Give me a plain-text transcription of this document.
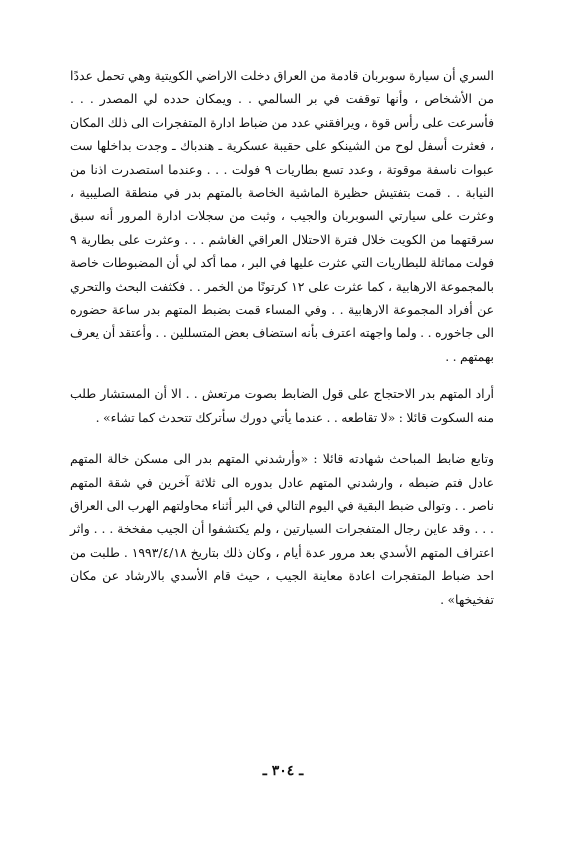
السري أن سيارة سوبربان قادمة من العراق دخلت الاراضي الكويتية وهي تحمل عددًا من الأشخاص ، وأنها توقفت في بر السالمي . . ويمكان حدده لي المصدر . . . فأسرعت على رأس قوة ، ويرافقني عدد من ضباط ادارة المتفجرات الى ذلك المكان ، فعثرت أسفل لوح من الشينكو على حقيبة عسكرية ـ هندباك ـ وجدت بداخلها ست عبوات ناسفة موقوتة ، وعدد تسع بطاريات ٩ فولت . . . وعندما استصدرت اذنا من النيابة . . قمت بتفتيش حظيرة الماشية الخاصة بالمتهم بدر في منطقة الصليبية ، وعثرت على سيارتي السوبربان والجيب ، وثبت من سجلات ادارة المرور أنه سبق سرقتهما من الكويت خلال فترة الاحتلال العراقي الغاشم . . . وعثرت على بطارية ٩ فولت مماثلة للبطاريات التي عثرت عليها في البر ، مما أكد لي أن المضبوطات خاصة بالمجموعة الارهابية ، كما عثرت على ١٢ كرتونًا من الخمر . . فكثفت البحث والتحري عن أفراد المجموعة الارهابية . . وفي المساء قمت بضبط المتهم بدر ساعة حضوره الى جاخوره . . ولما واجهته اعترف بأنه استضاف بعض المتسللين . . وأعتقد أن يعرف بهمتهم . .

أراد المتهم بدر الاحتجاج على قول الضابط بصوت مرتعش . . الا أن المستشار طلب منه السكوت قائلا : «لا تقاطعه . . عندما يأتي دورك سأتركك تتحدث كما تشاء» .

وتابع ضابط المباحث شهادته قائلا : «وأرشدني المتهم بدر الى مسكن خالة المتهم عادل فتم ضبطه ، وارشدني المتهم عادل بدوره الى ثلاثة آخرين في شقة المتهم ناصر . . وتوالى ضبط البقية في اليوم التالي في البر أثناء محاولتهم الهرب الى العراق . . . وقد عاين رجال المتفجرات السيارتين ، ولم يكتشفوا أن الجيب مفخخة . . . واثر اعتراف المتهم الأسدي بعد مرور عدة أيام ، وكان ذلك بتاريخ ١٩٩٣/٤/١٨ . طلبت من احد ضباط المتفجرات اعادة معاينة الجيب ، حيث قام الأسدي بالارشاد عن مكان تفخيخها» .

ـ ٣٠٤ ـ
